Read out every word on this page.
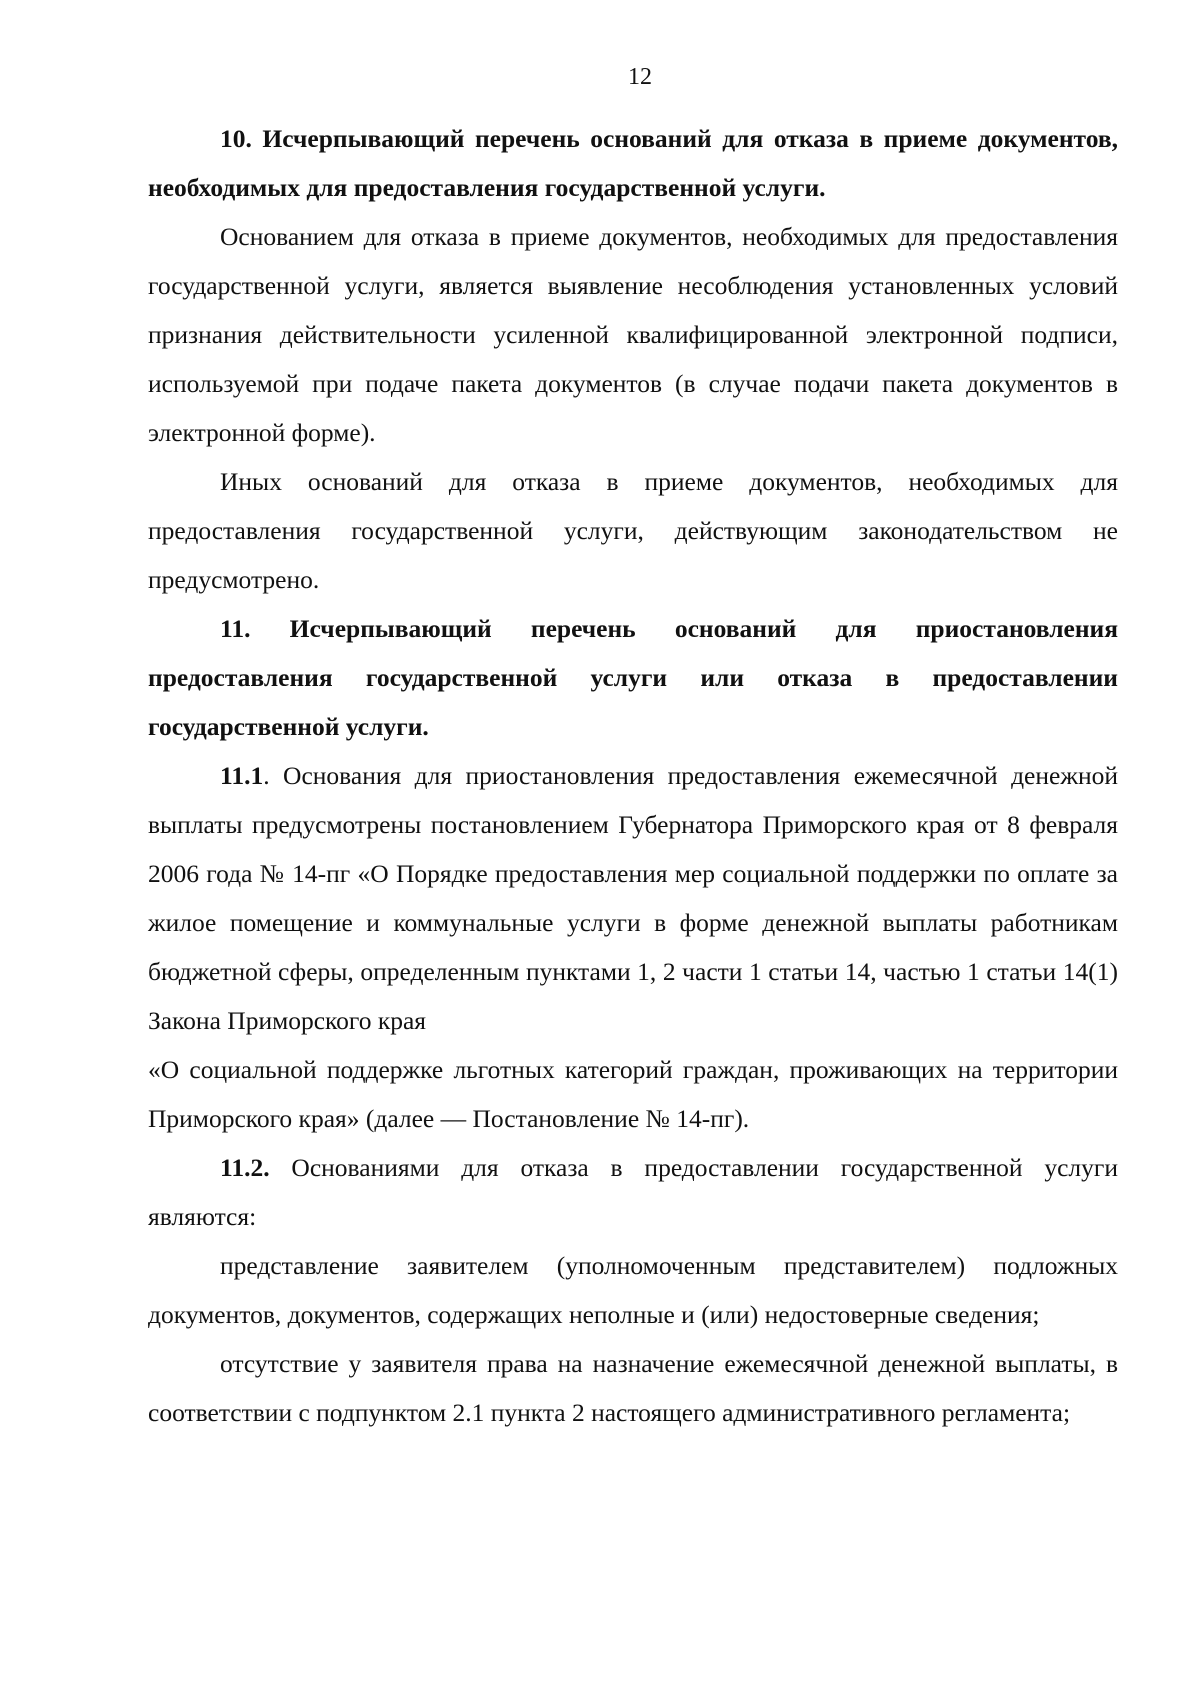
12

10. Исчерпывающий перечень оснований для отказа в приеме документов, необходимых для предоставления государственной услуги.

Основанием для отказа в приеме документов, необходимых для предоставления государственной услуги, является выявление несоблюдения установленных условий признания действительности усиленной квалифицированной электронной подписи, используемой при подаче пакета документов (в случае подачи пакета документов в электронной форме).

Иных оснований для отказа в приеме документов, необходимых для предоставления государственной услуги, действующим законодательством не предусмотрено.

11. Исчерпывающий перечень оснований для приостановления предоставления государственной услуги или отказа в предоставлении государственной услуги.

11.1. Основания для приостановления предоставления ежемесячной денежной выплаты предусмотрены постановлением Губернатора Приморского края от 8 февраля 2006 года № 14-пг «О Порядке предоставления мер социальной поддержки по оплате за жилое помещение и коммунальные услуги в форме денежной выплаты работникам бюджетной сферы, определенным пунктами 1, 2 части 1 статьи 14, частью 1 статьи 14(1) Закона Приморского края

«О социальной поддержке льготных категорий граждан, проживающих на территории Приморского края» (далее — Постановление № 14-пг).

11.2. Основаниями для отказа в предоставлении государственной услуги являются:

представление заявителем (уполномоченным представителем) подложных документов, документов, содержащих неполные и (или) недостоверные сведения;

отсутствие у заявителя права на назначение ежемесячной денежной выплаты, в соответствии с подпунктом 2.1 пункта 2 настоящего административного регламента;
